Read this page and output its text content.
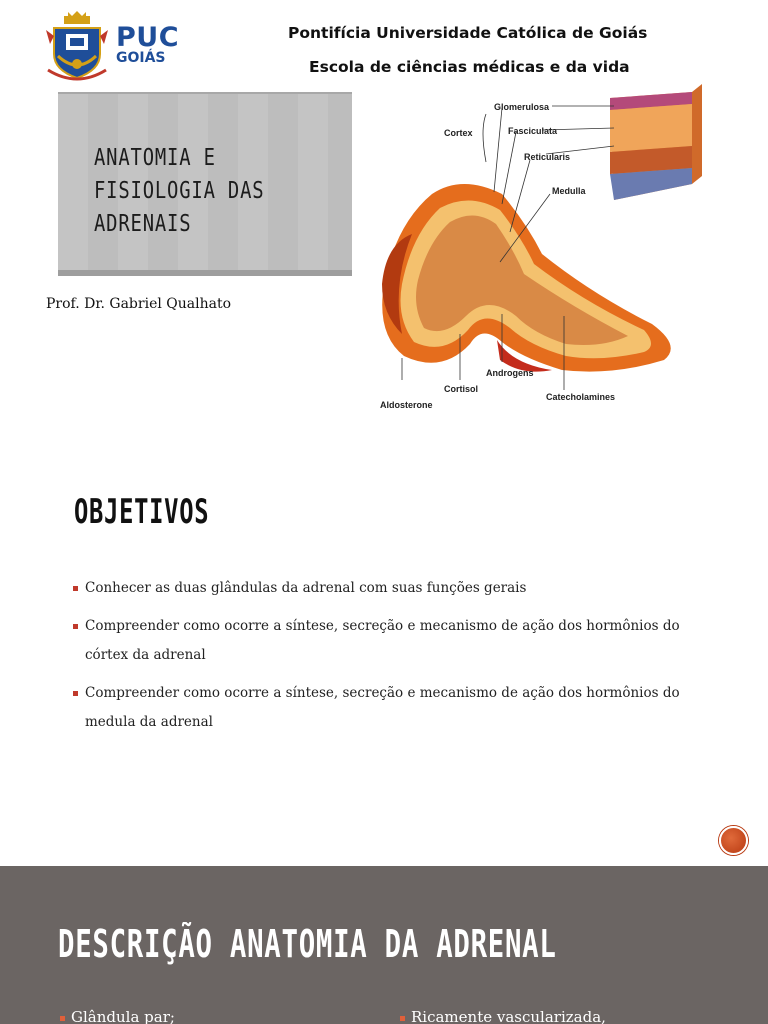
PUC
GOIÁS
Pontifícia Universidade Católica de Goiás
Escola de ciências médicas e da vida
ANATOMIA E
FISIOLOGIA DAS
ADRENAIS
Prof. Dr. Gabriel Qualhato
Glomerulosa
Cortex	Fasciculata
Reticularis
Medulla
Androgens
Cortisol
Aldosterone
Catecholamines
OBJETIVOS
Conhecer as duas glândulas da adrenal com suas funções gerais
Compreender como ocorre a síntese, secreção e mecanismo de ação dos hormônios do córtex da adrenal
Compreender como ocorre a síntese, secreção e mecanismo de ação dos hormônios do medula da adrenal
DESCRIÇÃO ANATOMIA DA ADRENAL
Glândula par;	Ricamente vascularizada,
